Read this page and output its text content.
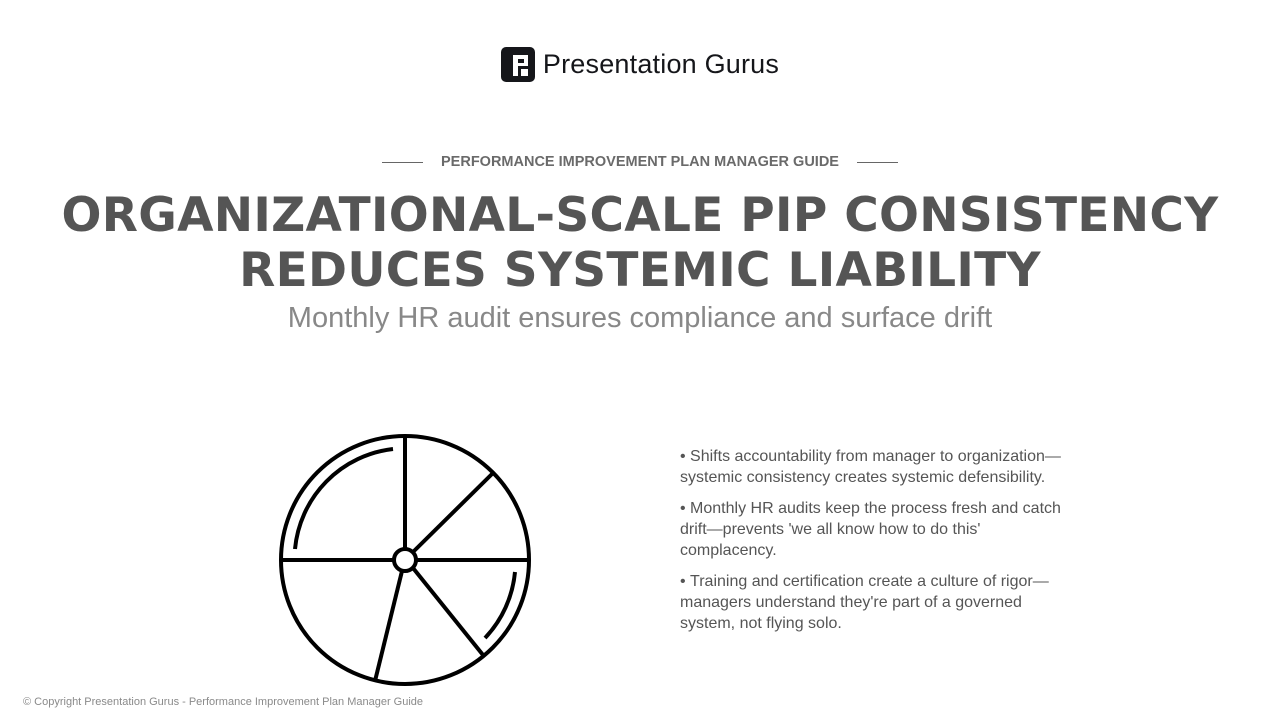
Presentation Gurus
PERFORMANCE IMPROVEMENT PLAN MANAGER GUIDE
ORGANIZATIONAL-SCALE PIP CONSISTENCY
REDUCES SYSTEMIC LIABILITY
Monthly HR audit ensures compliance and surface drift
• Shifts accountability from manager to organization—systemic consistency creates systemic defensibility.
• Monthly HR audits keep the process fresh and catch drift—prevents 'we all know how to do this' complacency.
• Training and certification create a culture of rigor—managers understand they're part of a governed system, not flying solo.
© Copyright Presentation Gurus - Performance Improvement Plan Manager Guide
